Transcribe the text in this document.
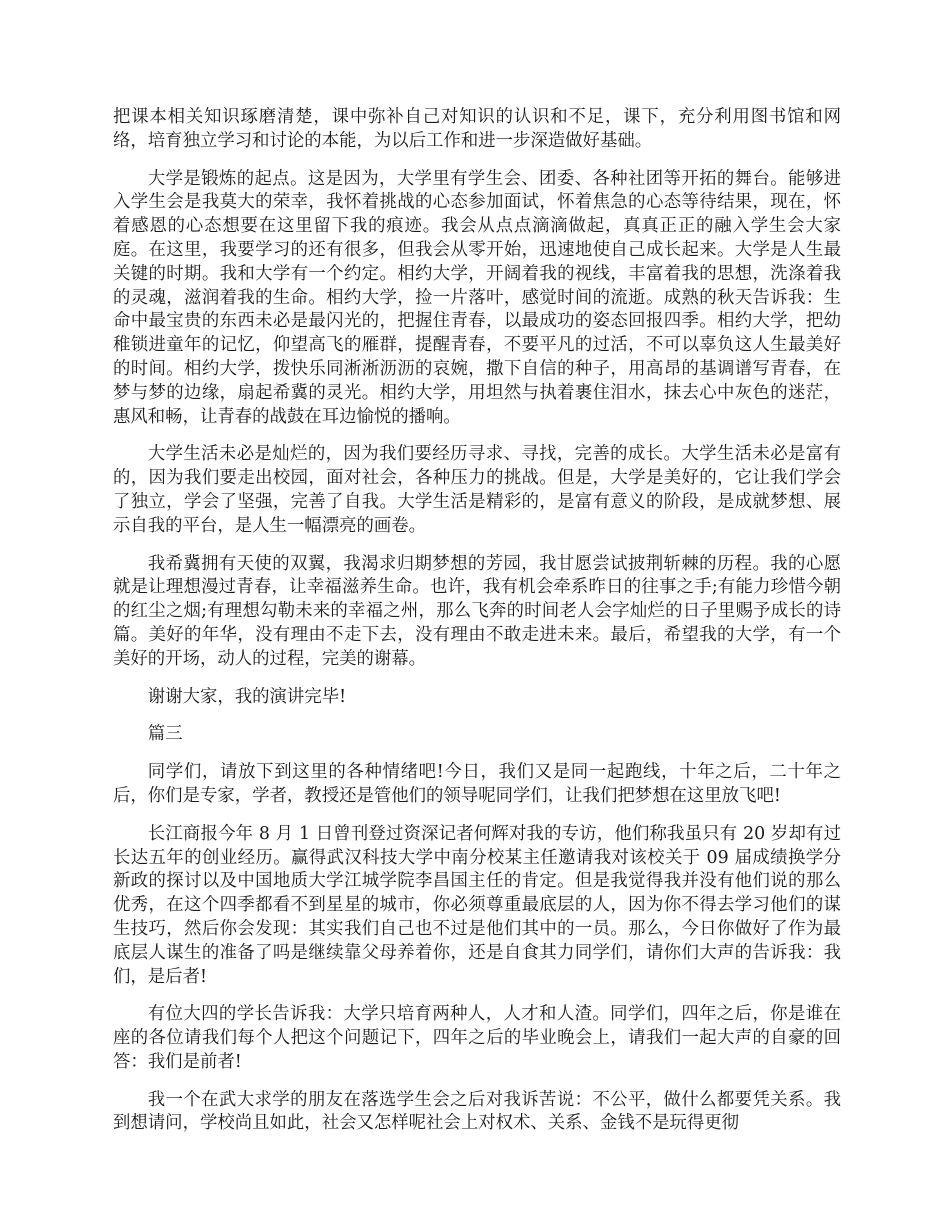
把课本相关知识琢磨清楚，课中弥补自己对知识的认识和不足，课下，充分利用图书馆和网络，培育独立学习和讨论的本能，为以后工作和进一步深造做好基础。

大学是锻炼的起点。这是因为，大学里有学生会、团委、各种社团等开拓的舞台。能够进入学生会是我莫大的荣幸，我怀着挑战的心态参加面试，怀着焦急的心态等待结果，现在，怀着感恩的心态想要在这里留下我的痕迹。我会从点点滴滴做起，真真正正的融入学生会大家庭。在这里，我要学习的还有很多，但我会从零开始，迅速地使自己成长起来。大学是人生最关键的时期。我和大学有一个约定。相约大学，开阔着我的视线，丰富着我的思想，洗涤着我的灵魂，滋润着我的生命。相约大学，捡一片落叶，感觉时间的流逝。成熟的秋天告诉我：生命中最宝贵的东西未必是最闪光的，把握住青春，以最成功的姿态回报四季。相约大学，把幼稚锁进童年的记忆，仰望高飞的雁群，提醒青春，不要平凡的过活，不可以辜负这人生最美好的时间。相约大学，拨快乐同淅淅沥沥的哀婉，撒下自信的种子，用高昂的基调谱写青春，在梦与梦的边缘，扇起希冀的灵光。相约大学，用坦然与执着裹住泪水，抹去心中灰色的迷茫，惠风和畅，让青春的战鼓在耳边愉悦的播响。

大学生活未必是灿烂的，因为我们要经历寻求、寻找，完善的成长。大学生活未必是富有的，因为我们要走出校园，面对社会，各种压力的挑战。但是，大学是美好的，它让我们学会了独立，学会了坚强，完善了自我。大学生活是精彩的，是富有意义的阶段，是成就梦想、展示自我的平台，是人生一幅漂亮的画卷。

我希冀拥有天使的双翼，我渴求归期梦想的芳园，我甘愿尝试披荆斩棘的历程。我的心愿就是让理想漫过青春，让幸福滋养生命。也许，我有机会牵系昨日的往事之手;有能力珍惜今朝的红尘之烟;有理想勾勒未来的幸福之州，那么飞奔的时间老人会字灿烂的日子里赐予成长的诗篇。美好的年华，没有理由不走下去，没有理由不敢走进未来。最后，希望我的大学，有一个美好的开场，动人的过程，完美的谢幕。

谢谢大家，我的演讲完毕!

篇三

同学们，请放下到这里的各种情绪吧!今日，我们又是同一起跑线，十年之后，二十年之后，你们是专家，学者，教授还是管他们的领导呢同学们，让我们把梦想在这里放飞吧!

长江商报今年 8 月 1 日曾刊登过资深记者何辉对我的专访，他们称我虽只有 20 岁却有过长达五年的创业经历。赢得武汉科技大学中南分校某主任邀请我对该校关于 09 届成绩换学分新政的探讨以及中国地质大学江城学院李昌国主任的肯定。但是我觉得我并没有他们说的那么优秀，在这个四季都看不到星星的城市，你必须尊重最底层的人，因为你不得去学习他们的谋生技巧，然后你会发现：其实我们自己也不过是他们其中的一员。那么，今日你做好了作为最底层人谋生的准备了吗是继续靠父母养着你，还是自食其力同学们，请你们大声的告诉我：我们，是后者!

有位大四的学长告诉我：大学只培育两种人，人才和人渣。同学们，四年之后，你是谁在座的各位请我们每个人把这个问题记下，四年之后的毕业晚会上，请我们一起大声的自豪的回答：我们是前者!

我一个在武大求学的朋友在落选学生会之后对我诉苦说：不公平，做什么都要凭关系。我到想请问，学校尚且如此，社会又怎样呢社会上对权术、关系、金钱不是玩得更彻
